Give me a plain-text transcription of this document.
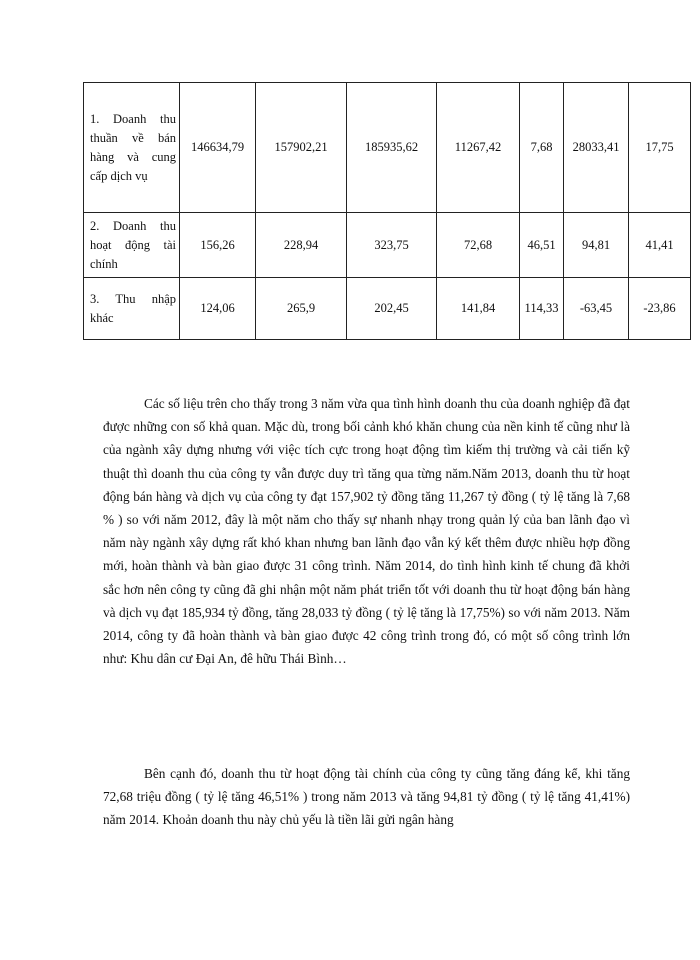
1. Doanh thu thuần về bán hàng và cung cấp dịch vụ	146634,79	157902,21	185935,62	11267,42	7,68	28033,41	17,75
2. Doanh thu hoạt động tài chính	156,26	228,94	323,75	72,68	46,51	94,81	41,41
3. Thu nhập khác	124,06	265,9	202,45	141,84	114,33	-63,45	-23,86

Các số liệu trên cho thấy trong 3 năm vừa qua tình hình doanh thu của doanh nghiệp đã đạt được những con số khả quan. Mặc dù, trong bối cảnh khó khăn chung của nền kinh tế cũng như là của ngành xây dựng nhưng với việc tích cực trong hoạt động tìm kiếm thị trường và cải tiến kỹ thuật thì doanh thu của công ty vẫn được duy trì tăng qua từng năm.Năm 2013, doanh thu từ hoạt động bán hàng và dịch vụ của công ty đạt 157,902 tỷ đồng tăng 11,267 tỷ đồng ( tỷ lệ tăng là 7,68 % ) so với năm 2012, đây là một năm cho thấy sự nhanh nhạy trong quản lý của ban lãnh đạo vì năm này ngành xây dựng rất khó khan nhưng ban lãnh đạo vẫn ký kết thêm được nhiều hợp đồng mới, hoàn thành và bàn giao được 31 công trình. Năm 2014, do tình hình kinh tế chung đã khởi sắc hơn nên công ty cũng đã ghi nhận một năm phát triển tốt với doanh thu từ hoạt động bán hàng và dịch vụ đạt 185,934 tỷ đồng, tăng 28,033 tỷ đồng ( tỷ lệ tăng là 17,75%) so với năm 2013. Năm 2014, công ty đã hoàn thành và bàn giao được 42 công trình trong đó, có một số công trình lớn như: Khu dân cư Đại An, đê hữu Thái Bình…

Bên cạnh đó, doanh thu từ hoạt động tài chính của công ty cũng tăng đáng kể, khi tăng 72,68 triệu đồng ( tỷ lệ tăng 46,51% ) trong năm 2013 và tăng 94,81 tỷ đồng ( tỷ lệ tăng 41,41%) năm 2014. Khoản doanh thu này chủ yếu là tiền lãi gửi ngân hàng
